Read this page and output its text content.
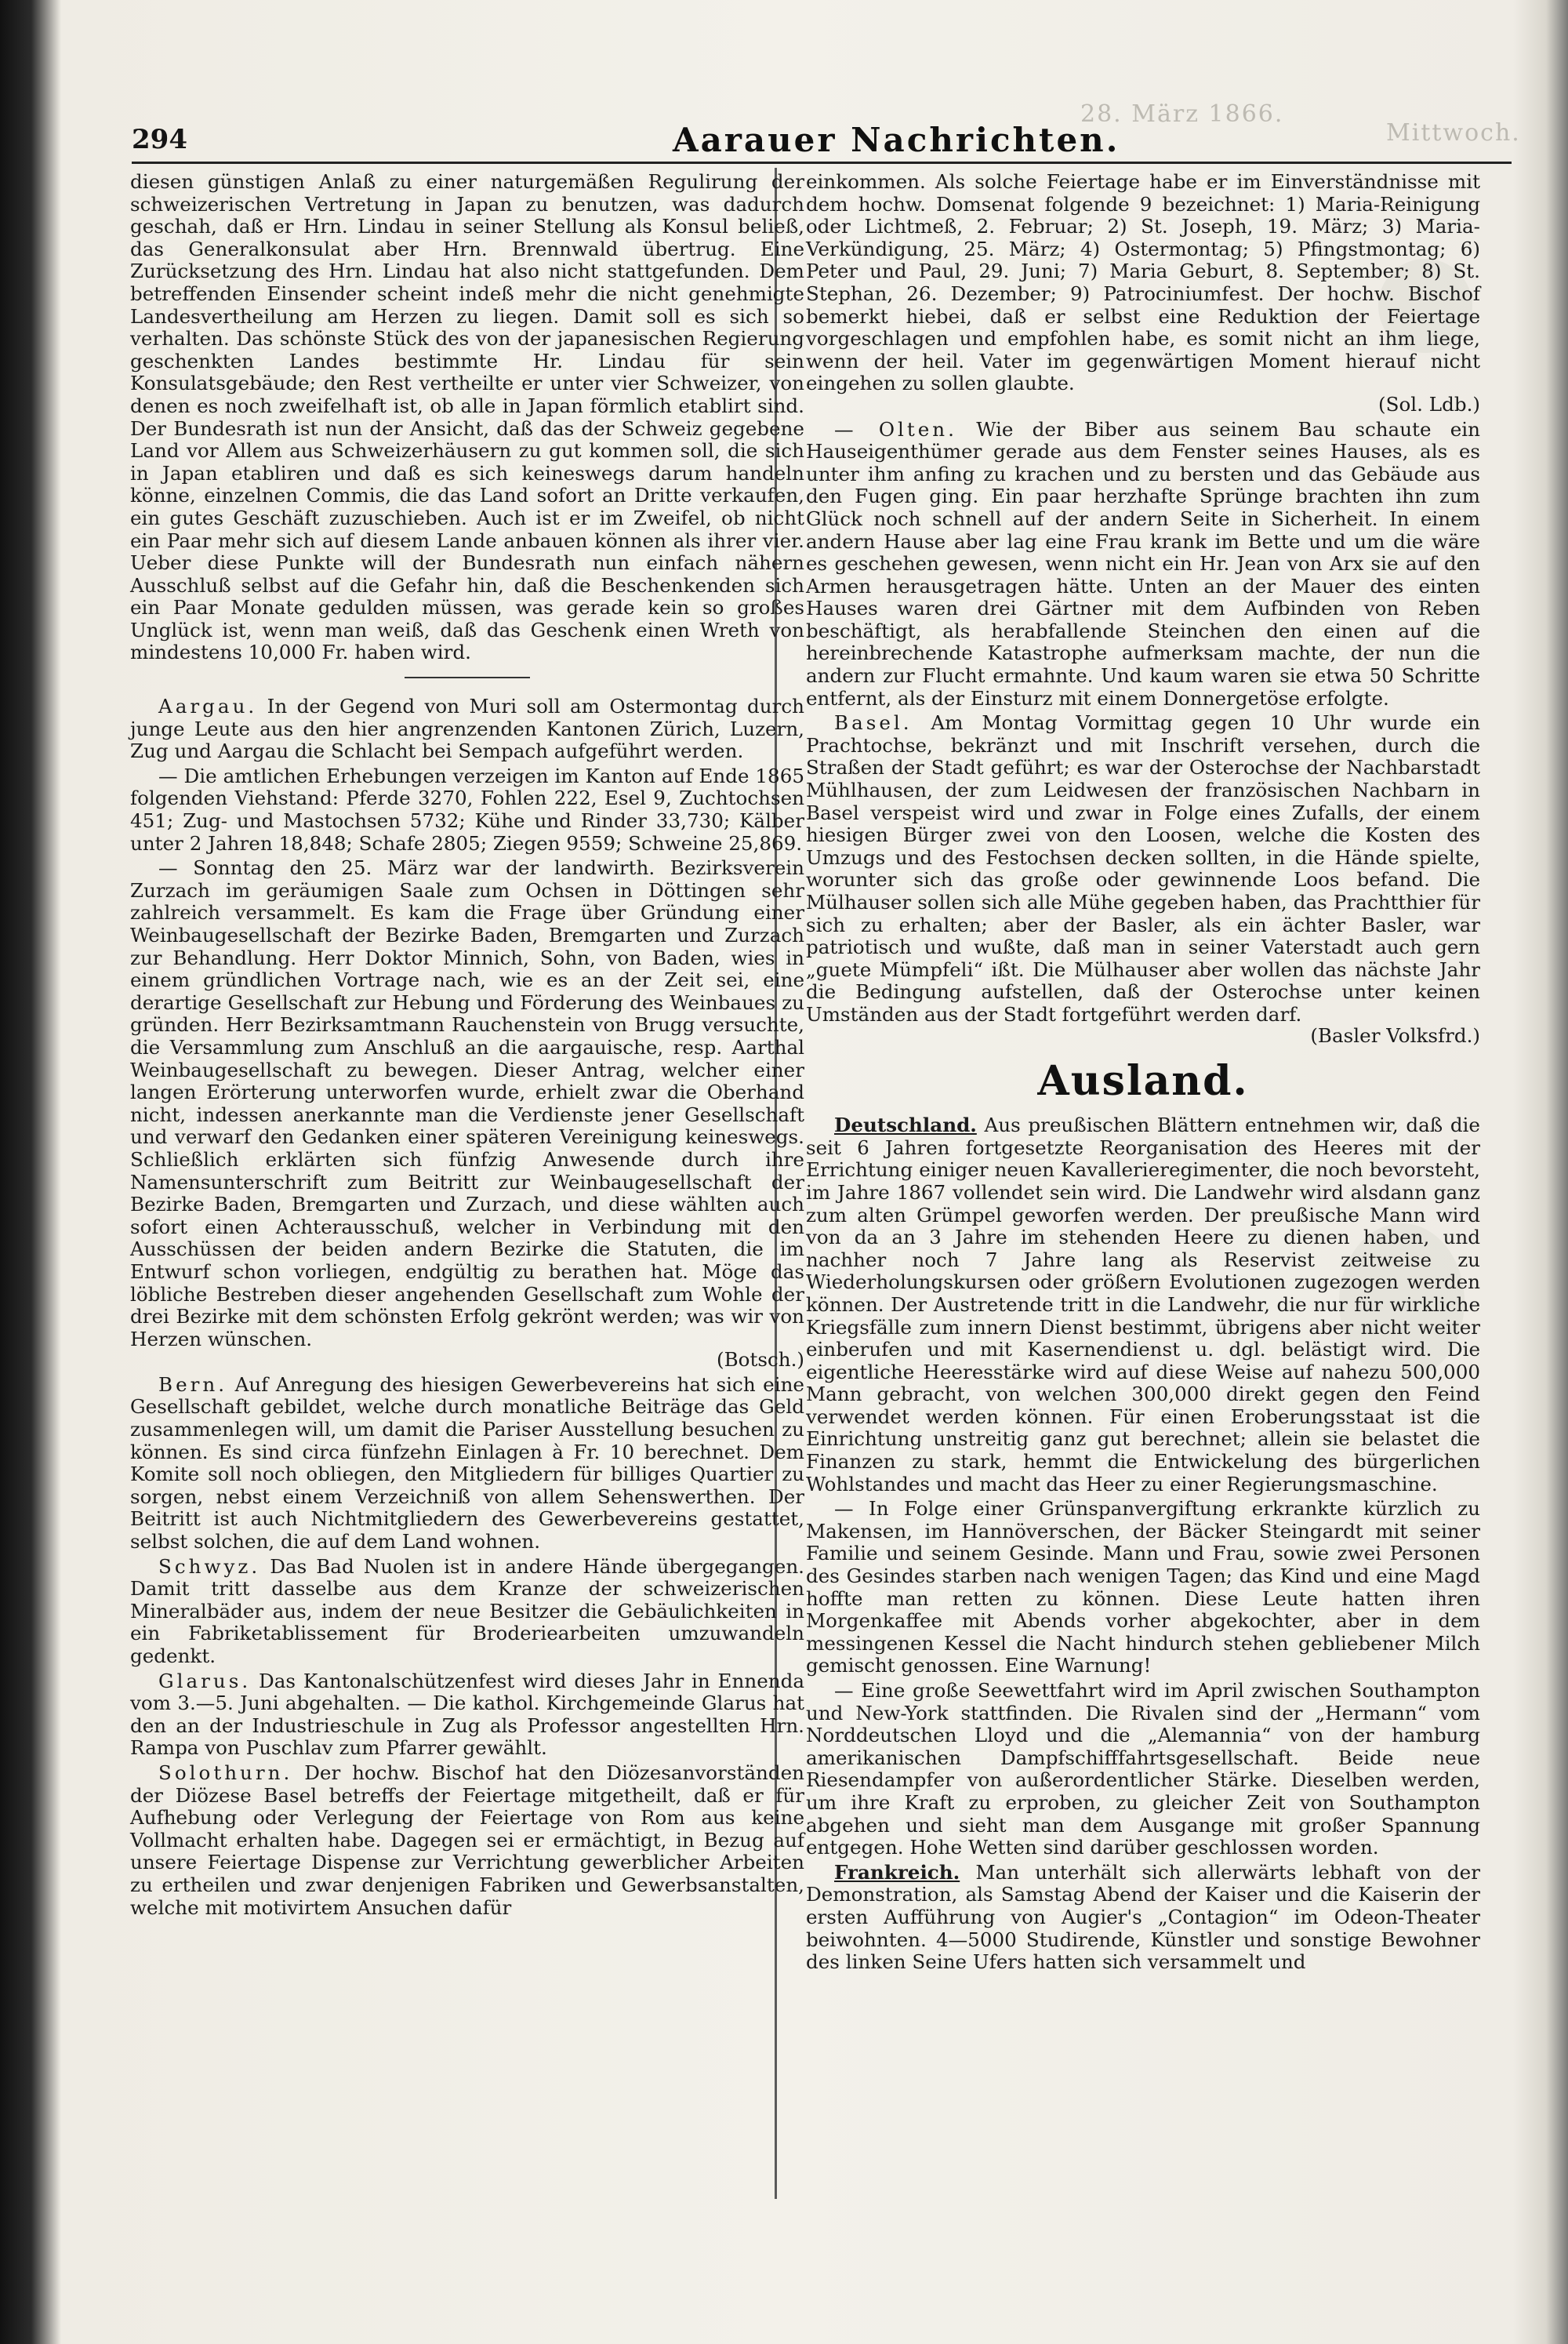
28. März 1866.
Mittwoch.
294	Aarauer Nachrichten.

diesen günstigen Anlaß zu einer naturgemäßen Regulirung der schweizerischen Vertretung in Japan zu benutzen, was dadurch geschah, daß er Hrn. Lindau in seiner Stellung als Konsul beließ, das Generalkonsulat aber Hrn. Brennwald übertrug. Eine Zurücksetzung des Hrn. Lindau hat also nicht stattgefunden. Dem betreffenden Einsender scheint indeß mehr die nicht genehmigte Landesvertheilung am Herzen zu liegen. Damit soll es sich so verhalten. Das schönste Stück des von der japanesischen Regierung geschenkten Landes bestimmte Hr. Lindau für sein Konsulatsgebäude; den Rest vertheilte er unter vier Schweizer, von denen es noch zweifelhaft ist, ob alle in Japan förmlich etablirt sind. Der Bundesrath ist nun der Ansicht, daß das der Schweiz gegebene Land vor Allem aus Schweizerhäusern zu gut kommen soll, die sich in Japan etabliren und daß es sich keineswegs darum handeln könne, einzelnen Commis, die das Land sofort an Dritte verkaufen, ein gutes Geschäft zuzuschieben. Auch ist er im Zweifel, ob nicht ein Paar mehr sich auf diesem Lande anbauen können als ihrer vier. Ueber diese Punkte will der Bundesrath nun einfach nähern Ausschluß selbst auf die Gefahr hin, daß die Beschenkenden sich ein Paar Monate gedulden müssen, was gerade kein so großes Unglück ist, wenn man weiß, daß das Geschenk einen Wreth von mindestens 10,000 Fr. haben wird.

Aargau. In der Gegend von Muri soll am Ostermontag durch junge Leute aus den hier angrenzenden Kantonen Zürich, Luzern, Zug und Aargau die Schlacht bei Sempach aufgeführt werden.

— Die amtlichen Erhebungen verzeigen im Kanton auf Ende 1865 folgenden Viehstand: Pferde 3270, Fohlen 222, Esel 9, Zuchtochsen 451; Zug- und Mastochsen 5732; Kühe und Rinder 33,730; Kälber unter 2 Jahren 18,848; Schafe 2805; Ziegen 9559; Schweine 25,869.

— Sonntag den 25. März war der landwirth. Bezirksverein Zurzach im geräumigen Saale zum Ochsen in Döttingen sehr zahlreich versammelt. Es kam die Frage über Gründung einer Weinbaugesellschaft der Bezirke Baden, Bremgarten und Zurzach zur Behandlung. Herr Doktor Minnich, Sohn, von Baden, wies in einem gründlichen Vortrage nach, wie es an der Zeit sei, eine derartige Gesellschaft zur Hebung und Förderung des Weinbaues zu gründen. Herr Bezirksamtmann Rauchenstein von Brugg versuchte, die Versammlung zum Anschluß an die aargauische, resp. Aarthal Weinbaugesellschaft zu bewegen. Dieser Antrag, welcher einer langen Erörterung unterworfen wurde, erhielt zwar die Oberhand nicht, indessen anerkannte man die Verdienste jener Gesellschaft und verwarf den Gedanken einer späteren Vereinigung keineswegs. Schließlich erklärten sich fünfzig Anwesende durch ihre Namensunterschrift zum Beitritt zur Weinbaugesellschaft der Bezirke Baden, Bremgarten und Zurzach, und diese wählten auch sofort einen Achterausschuß, welcher in Verbindung mit den Ausschüssen der beiden andern Bezirke die Statuten, die im Entwurf schon vorliegen, endgültig zu berathen hat. Möge das löbliche Bestreben dieser angehenden Gesellschaft zum Wohle der drei Bezirke mit dem schönsten Erfolg gekrönt werden; was wir von Herzen wünschen.
(Botsch.)

Bern. Auf Anregung des hiesigen Gewerbevereins hat sich eine Gesellschaft gebildet, welche durch monatliche Beiträge das Geld zusammenlegen will, um damit die Pariser Ausstellung besuchen zu können. Es sind circa fünfzehn Einlagen à Fr. 10 berechnet. Dem Komite soll noch obliegen, den Mitgliedern für billiges Quartier zu sorgen, nebst einem Verzeichniß von allem Sehenswerthen. Der Beitritt ist auch Nichtmitgliedern des Gewerbevereins gestattet, selbst solchen, die auf dem Land wohnen.

Schwyz. Das Bad Nuolen ist in andere Hände übergegangen. Damit tritt dasselbe aus dem Kranze der schweizerischen Mineralbäder aus, indem der neue Besitzer die Gebäulichkeiten in ein Fabriketablissement für Broderiearbeiten umzuwandeln gedenkt.

Glarus. Das Kantonalschützenfest wird dieses Jahr in Ennenda vom 3.—5. Juni abgehalten. — Die kathol. Kirchgemeinde Glarus hat den an der Industrieschule in Zug als Professor angestellten Hrn. Rampa von Puschlav zum Pfarrer gewählt.

Solothurn. Der hochw. Bischof hat den Diözesanvorständen der Diözese Basel betreffs der Feiertage mitgetheilt, daß er für Aufhebung oder Verlegung der Feiertage von Rom aus keine Vollmacht erhalten habe. Dagegen sei er ermächtigt, in Bezug auf unsere Feiertage Dispense zur Verrichtung gewerblicher Arbeiten zu ertheilen und zwar denjenigen Fabriken und Gewerbsanstalten, welche mit motivirtem Ansuchen dafür

einkommen. Als solche Feiertage habe er im Einverständnisse mit dem hochw. Domsenat folgende 9 bezeichnet: 1) Maria-Reinigung oder Lichtmeß, 2. Februar; 2) St. Joseph, 19. März; 3) Maria-Verkündigung, 25. März; 4) Ostermontag; 5) Pfingstmontag; 6) Peter und Paul, 29. Juni; 7) Maria Geburt, 8. September; 8) St. Stephan, 26. Dezember; 9) Patrociniumfest. Der hochw. Bischof bemerkt hiebei, daß er selbst eine Reduktion der Feiertage vorgeschlagen und empfohlen habe, es somit nicht an ihm liege, wenn der heil. Vater im gegenwärtigen Moment hierauf nicht eingehen zu sollen glaubte.
(Sol. Ldb.)

— Olten. Wie der Biber aus seinem Bau schaute ein Hauseigenthümer gerade aus dem Fenster seines Hauses, als es unter ihm anfing zu krachen und zu bersten und das Gebäude aus den Fugen ging. Ein paar herzhafte Sprünge brachten ihn zum Glück noch schnell auf der andern Seite in Sicherheit. In einem andern Hause aber lag eine Frau krank im Bette und um die wäre es geschehen gewesen, wenn nicht ein Hr. Jean von Arx sie auf den Armen herausgetragen hätte. Unten an der Mauer des einten Hauses waren drei Gärtner mit dem Aufbinden von Reben beschäftigt, als herabfallende Steinchen den einen auf die hereinbrechende Katastrophe aufmerksam machte, der nun die andern zur Flucht ermahnte. Und kaum waren sie etwa 50 Schritte entfernt, als der Einsturz mit einem Donnergetöse erfolgte.

Basel. Am Montag Vormittag gegen 10 Uhr wurde ein Prachtochse, bekränzt und mit Inschrift versehen, durch die Straßen der Stadt geführt; es war der Osterochse der Nachbarstadt Mühlhausen, der zum Leidwesen der französischen Nachbarn in Basel verspeist wird und zwar in Folge eines Zufalls, der einem hiesigen Bürger zwei von den Loosen, welche die Kosten des Umzugs und des Festochsen decken sollten, in die Hände spielte, worunter sich das große oder gewinnende Loos befand. Die Mülhauser sollen sich alle Mühe gegeben haben, das Prachtthier für sich zu erhalten; aber der Basler, als ein ächter Basler, war patriotisch und wußte, daß man in seiner Vaterstadt auch gern „guete Mümpfeli“ ißt. Die Mülhauser aber wollen das nächste Jahr die Bedingung aufstellen, daß der Osterochse unter keinen Umständen aus der Stadt fortgeführt werden darf.
(Basler Volksfrd.)

Ausland.

Deutschland. Aus preußischen Blättern entnehmen wir, daß die seit 6 Jahren fortgesetzte Reorganisation des Heeres mit der Errichtung einiger neuen Kavallerieregimenter, die noch bevorsteht, im Jahre 1867 vollendet sein wird. Die Landwehr wird alsdann ganz zum alten Grümpel geworfen werden. Der preußische Mann wird von da an 3 Jahre im stehenden Heere zu dienen haben, und nachher noch 7 Jahre lang als Reservist zeitweise zu Wiederholungskursen oder größern Evolutionen zugezogen werden können. Der Austretende tritt in die Landwehr, die nur für wirkliche Kriegsfälle zum innern Dienst bestimmt, übrigens aber nicht weiter einberufen und mit Kasernendienst u. dgl. belästigt wird. Die eigentliche Heeresstärke wird auf diese Weise auf nahezu 500,000 Mann gebracht, von welchen 300,000 direkt gegen den Feind verwendet werden können. Für einen Eroberungsstaat ist die Einrichtung unstreitig ganz gut berechnet; allein sie belastet die Finanzen zu stark, hemmt die Entwickelung des bürgerlichen Wohlstandes und macht das Heer zu einer Regierungsmaschine.

— In Folge einer Grünspanvergiftung erkrankte kürzlich zu Makensen, im Hannöverschen, der Bäcker Steingardt mit seiner Familie und seinem Gesinde. Mann und Frau, sowie zwei Personen des Gesindes starben nach wenigen Tagen; das Kind und eine Magd hoffte man retten zu können. Diese Leute hatten ihren Morgenkaffee mit Abends vorher abgekochter, aber in dem messingenen Kessel die Nacht hindurch stehen gebliebener Milch gemischt genossen. Eine Warnung!

— Eine große Seewettfahrt wird im April zwischen Southampton und New-York stattfinden. Die Rivalen sind der „Hermann“ vom Norddeutschen Lloyd und die „Alemannia“ von der hamburg amerikanischen Dampfschifffahrtsgesellschaft. Beide neue Riesendampfer von außerordentlicher Stärke. Dieselben werden, um ihre Kraft zu erproben, zu gleicher Zeit von Southampton abgehen und sieht man dem Ausgange mit großer Spannung entgegen. Hohe Wetten sind darüber geschlossen worden.

Frankreich. Man unterhält sich allerwärts lebhaft von der Demonstration, als Samstag Abend der Kaiser und die Kaiserin der ersten Aufführung von Augier's „Contagion“ im Odeon-Theater beiwohnten. 4—5000 Studirende, Künstler und sonstige Bewohner des linken Seine Ufers hatten sich versammelt und
